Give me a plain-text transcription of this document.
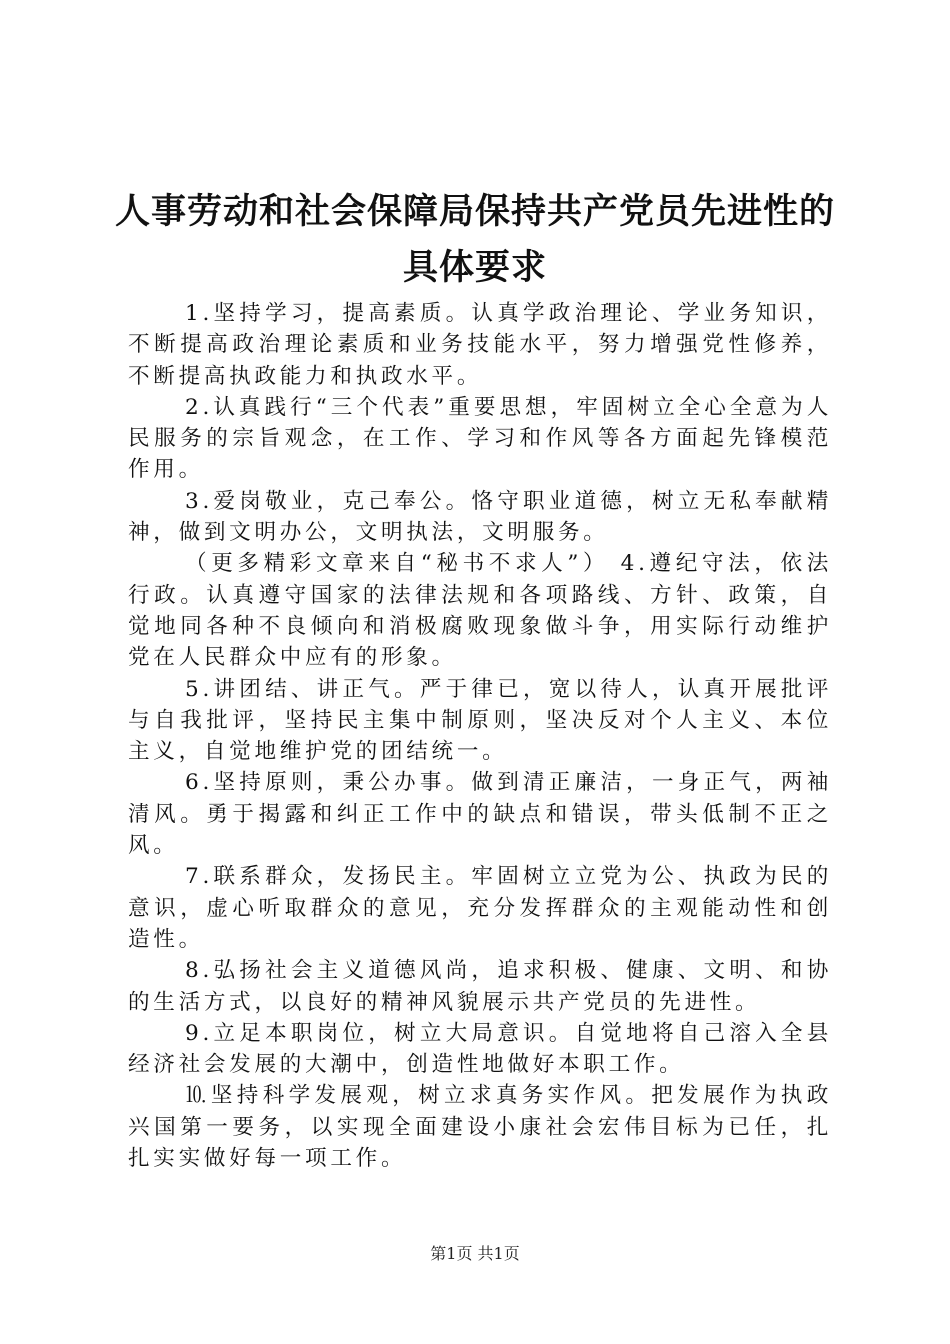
人事劳动和社会保障局保持共产党员先进性的
具体要求

1.坚持学习，提高素质。认真学政治理论、学业务知识，不断提高政治理论素质和业务技能水平，努力增强党性修养，不断提高执政能力和执政水平。

2.认真践行“三个代表”重要思想，牢固树立全心全意为人民服务的宗旨观念，在工作、学习和作风等各方面起先锋模范作用。

3.爱岗敬业，克己奉公。恪守职业道德，树立无私奉献精神，做到文明办公，文明执法，文明服务。

（更多精彩文章来自“秘书不求人”） 4.遵纪守法，依法行政。认真遵守国家的法律法规和各项路线、方针、政策，自觉地同各种不良倾向和消极腐败现象做斗争，用实际行动维护党在人民群众中应有的形象。

5.讲团结、讲正气。严于律已，宽以待人，认真开展批评与自我批评，坚持民主集中制原则，坚决反对个人主义、本位主义，自觉地维护党的团结统一。

6.坚持原则，秉公办事。做到清正廉洁，一身正气，两袖清风。勇于揭露和纠正工作中的缺点和错误，带头低制不正之风。

7.联系群众，发扬民主。牢固树立立党为公、执政为民的意识，虚心听取群众的意见，充分发挥群众的主观能动性和创造性。

8.弘扬社会主义道德风尚，追求积极、健康、文明、和协的生活方式，以良好的精神风貌展示共产党员的先进性。

9.立足本职岗位，树立大局意识。自觉地将自己溶入全县经济社会发展的大潮中，创造性地做好本职工作。

⒑坚持科学发展观，树立求真务实作风。把发展作为执政兴国第一要务，以实现全面建设小康社会宏伟目标为已任，扎扎实实做好每一项工作。

第1页 共1页
